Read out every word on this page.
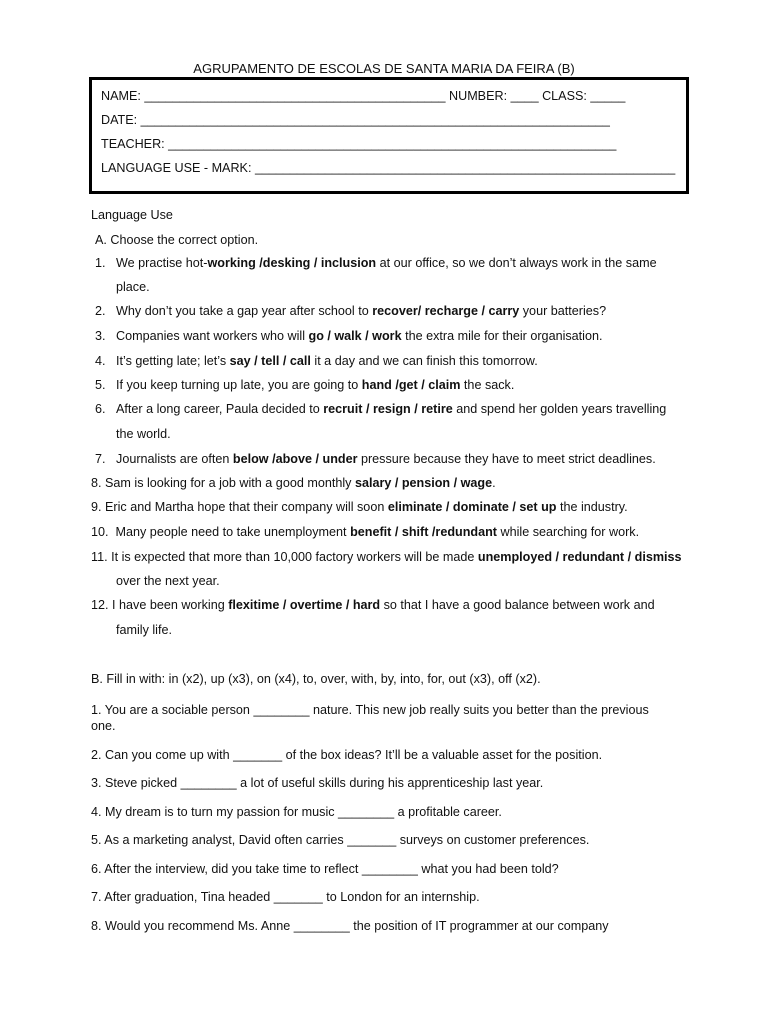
AGRUPAMENTO DE ESCOLAS DE SANTA MARIA DA FEIRA (B)
NAME: ___________________________________________ NUMBER: ____ CLASS: _____
DATE: ___________________________________________________________________
TEACHER: ________________________________________________________________
LANGUAGE USE - MARK: ____________________________________________________________
Language Use
A. Choose the correct option.
1. We practise hot-working /desking / inclusion at our office, so we don’t always work in the same
place.
2. Why don’t you take a gap year after school to recover/ recharge / carry your batteries?
3. Companies want workers who will go / walk / work the extra mile for their organisation.
4. It’s getting late; let’s say / tell / call it a day and we can finish this tomorrow.
5. If you keep turning up late, you are going to hand /get / claim the sack.
6. After a long career, Paula decided to recruit / resign / retire and spend her golden years travelling
the world.
7. Journalists are often below /above / under pressure because they have to meet strict deadlines.
8. Sam is looking for a job with a good monthly salary / pension / wage.
9. Eric and Martha hope that their company will soon eliminate / dominate / set up the industry.
10. Many people need to take unemployment benefit / shift /redundant while searching for work.
11. It is expected that more than 10,000 factory workers will be made unemployed / redundant / dismiss
over the next year.
12. I have been working flexitime / overtime / hard so that I have a good balance between work and
family life.
B. Fill in with: in (x2), up (x3), on (x4), to, over, with, by, into, for, out (x3), off (x2).
1. You are a sociable person ________ nature. This new job really suits you better than the previous
one.
2. Can you come up with _______ of the box ideas? It’ll be a valuable asset for the position.
3. Steve picked ________ a lot of useful skills during his apprenticeship last year.
4. My dream is to turn my passion for music ________ a profitable career.
5. As a marketing analyst, David often carries _______ surveys on customer preferences.
6. After the interview, did you take time to reflect ________ what you had been told?
7. After graduation, Tina headed _______ to London for an internship.
8. Would you recommend Ms. Anne ________ the position of IT programmer at our company
